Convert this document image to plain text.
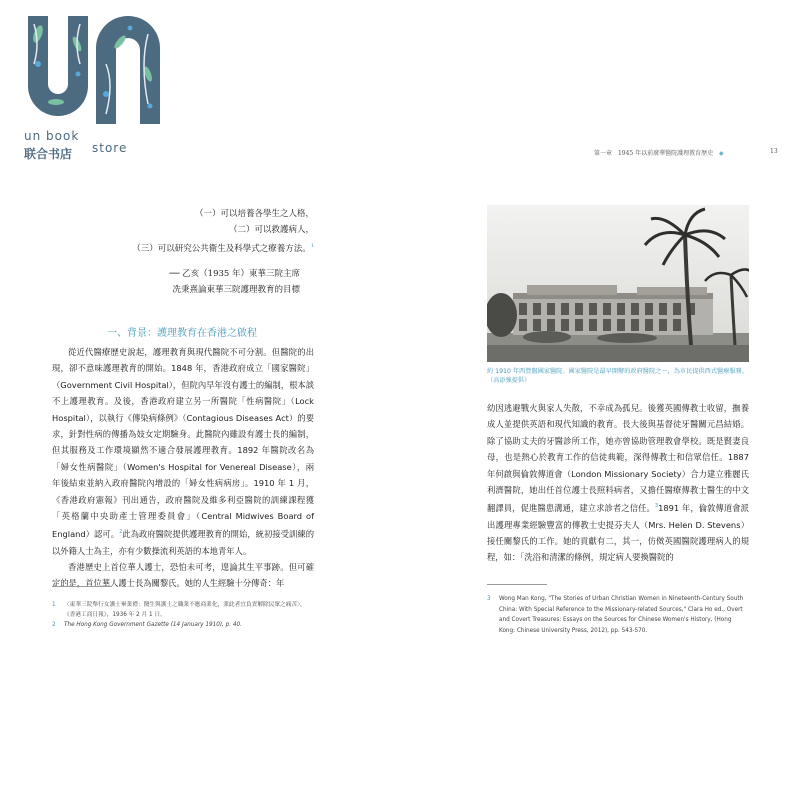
un book
store
联合书店	第一章 1945 年以前廣華醫院護理教育歷史 ◆	13
（一）可以培養各學生之人格，
（二）可以救護病人，
（三）可以研究公共衛生及科學式之療養方法。$^1$
── 乙亥（1935 年）東華三院主席
冼秉熹論東華三院護理教育的目標
一、背景：護理教育在香港之啟程

從近代醫療歷史說起，護理教育與現代醫院不可分割。但醫院的出現，卻不意味護理教育的開始。1848 年，香港政府成立「國家醫院」（Government Civil Hospital），但院內早年沒有護士的編制，根本談不上護理教育。及後，香港政府建立另一所醫院「性病醫院」（Lock Hospital），以執行《傳染病條例》（Contagious Diseases Act）的要求，針對性病的傳播為妓女定期驗身。此醫院內雖設有護士長的編制，但其服務及工作環境顯然不適合發展護理教育。1892 年醫院改名為「婦女性病醫院」（Women's Hospital for Venereal Disease），兩年後結束並納入政府醫院內增設的「婦女性病病房」。1910 年 1 月，《香港政府憲報》刊出通告，政府醫院及維多利亞醫院的訓練課程獲「英格蘭中央助產士管理委員會」（Central Midwives Board of England）認可。$^2$此為政府醫院提供護理教育的開始，統初接受訓練的以外籍人士為主，亦有少數操流利英語的本地青年人。

香港歷史上首位華人護士，恐怕未可考，遑論其生平事跡。但可確定的是，首位華人護士長為關黎氏。她的人生經驗十分傳奇：年

1 〈東華三院舉行女護士畢業禮：醫生與護士之職業不應商業化，業此者宜負責解除民眾之痛苦〉，《香港工商日報》，1936 年 2 月 1 日。
2 The Hong Kong Government Gazette (14 January 1910), p. 40.
約 1910 年西營盤國家醫院。國家醫院是最早開辦的政府醫院之一，為市民提供西式醫療服務。（高添強提供）

幼因逃避戰火與家人失散，不幸成為孤兒。後獲英國傳教士收留，撫養成人並提供英語和現代知識的教育。長大後與基督徒牙醫關元昌結婚。除了協助丈夫的牙醫診所工作，她亦曾協助管理教會學校。既是賢妻良母，也是熱心於教育工作的信徒典範，深得傳教士和信眾信任。1887 年何啟與倫敦傳道會（London Missionary Society）合力建立雅麗氏利濟醫院，她出任首位護士長照料病者，又擔任醫療傳教士醫生的中文翻譯員，促進醫患溝通，建立求診者之信任。$^3$1891 年，倫敦傳道會派出護理專業經驗豐富的傳教士史提芬夫人（Mrs. Helen D. Stevens）接任關黎氏的工作。她的貢獻有二，其一，仿傚英國醫院護理病人的規程，如：「洗浴和清潔的條例，規定病人要換醫院的

3 Wong Man Kong, "The Stories of Urban Christian Women in Nineteenth-Century South China: With Special Reference to the Missionary-related Sources," Clara Ho ed., Overt and Covert Treasures: Essays on the Sources for Chinese Women's History, (Hong Kong: Chinese University Press, 2012), pp. 543-570.
